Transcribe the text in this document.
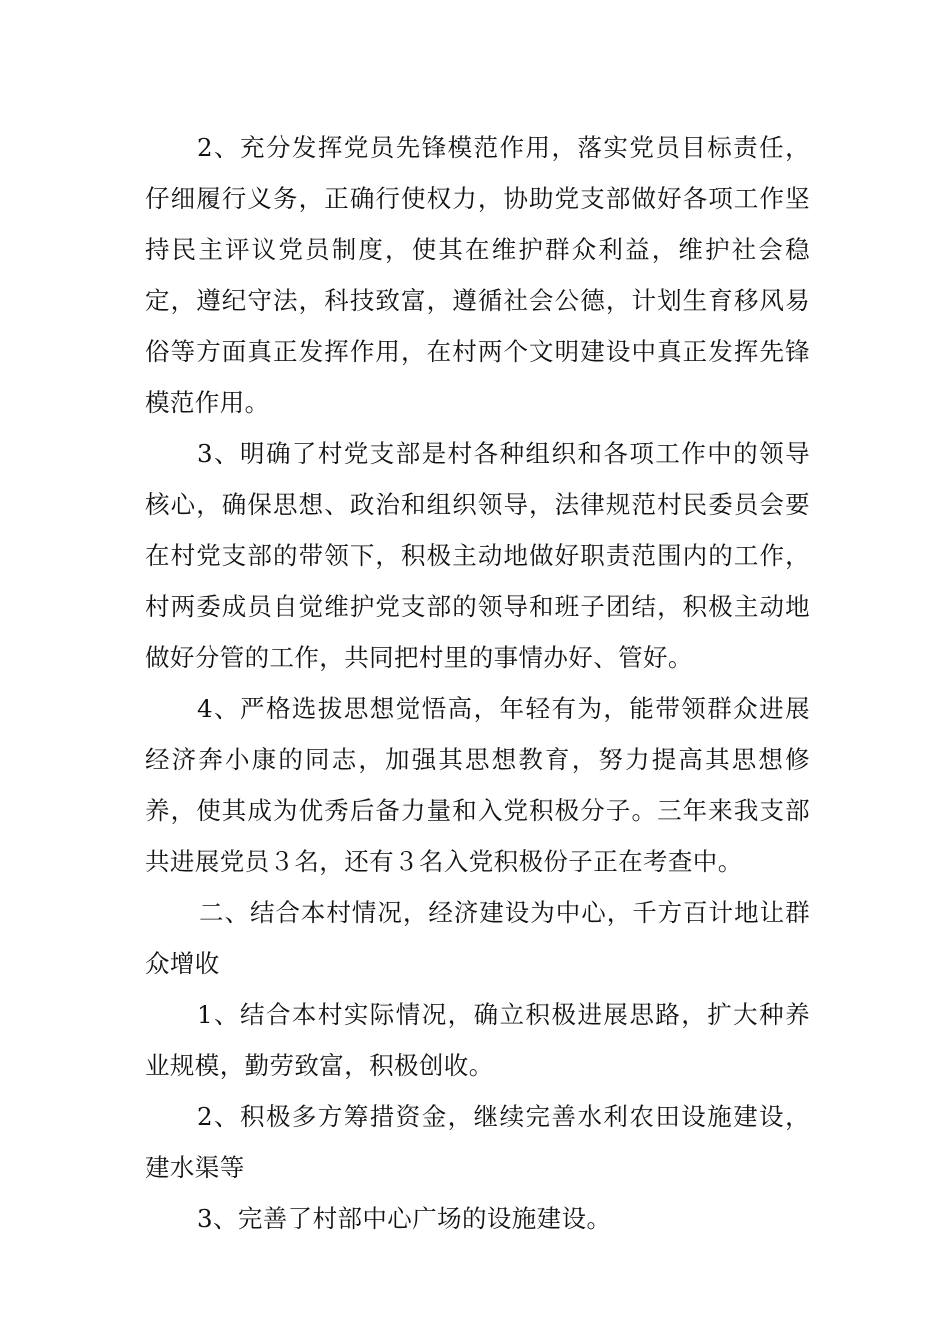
2、充分发挥党员先锋模范作用，落实党员目标责任，仔细履行义务，正确行使权力，协助党支部做好各项工作坚持民主评议党员制度，使其在维护群众利益，维护社会稳定，遵纪守法，科技致富，遵循社会公德，计划生育移风易俗等方面真正发挥作用，在村两个文明建设中真正发挥先锋模范作用。

3、明确了村党支部是村各种组织和各项工作中的领导核心，确保思想、政治和组织领导，法律规范村民委员会要在村党支部的带领下，积极主动地做好职责范围内的工作，村两委成员自觉维护党支部的领导和班子团结，积极主动地做好分管的工作，共同把村里的事情办好、管好。

4、严格选拔思想觉悟高，年轻有为，能带领群众进展经济奔小康的同志，加强其思想教育，努力提高其思想修养，使其成为优秀后备力量和入党积极分子。三年来我支部共进展党员３名，还有３名入党积极份子正在考查中。

二、结合本村情况，经济建设为中心，千方百计地让群众增收

1、结合本村实际情况，确立积极进展思路，扩大种养业规模，勤劳致富，积极创收。

2、积极多方筹措资金，继续完善水利农田设施建设，建水渠等

3、完善了村部中心广场的设施建设。
